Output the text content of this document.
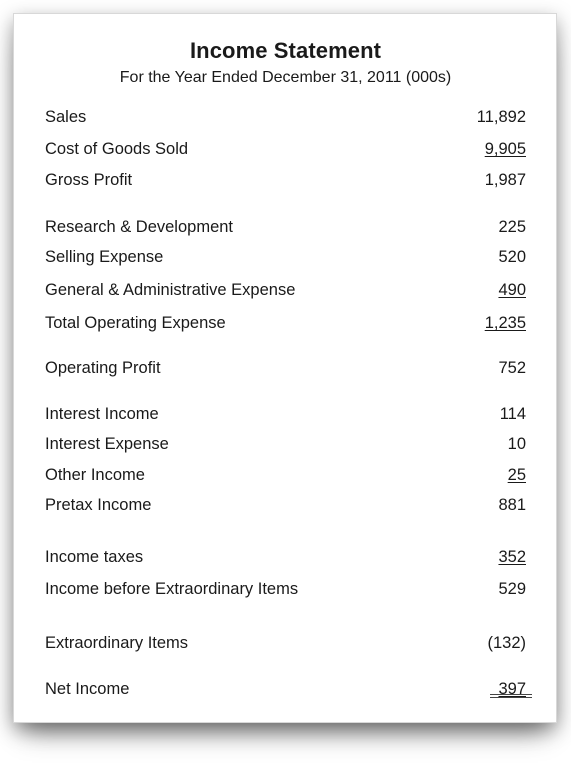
Income Statement
For the Year Ended December 31, 2011 (000s)
Sales	11,892
Cost of Goods Sold	9,905
Gross Profit	1,987
Research & Development	225
Selling Expense	520
General & Administrative Expense	490
Total Operating Expense	1,235
Operating Profit	752
Interest Income	114
Interest Expense	10
Other Income	25
Pretax Income	881
Income taxes	352
Income before Extraordinary Items	529
Extraordinary Items	(132)
Net Income	397
